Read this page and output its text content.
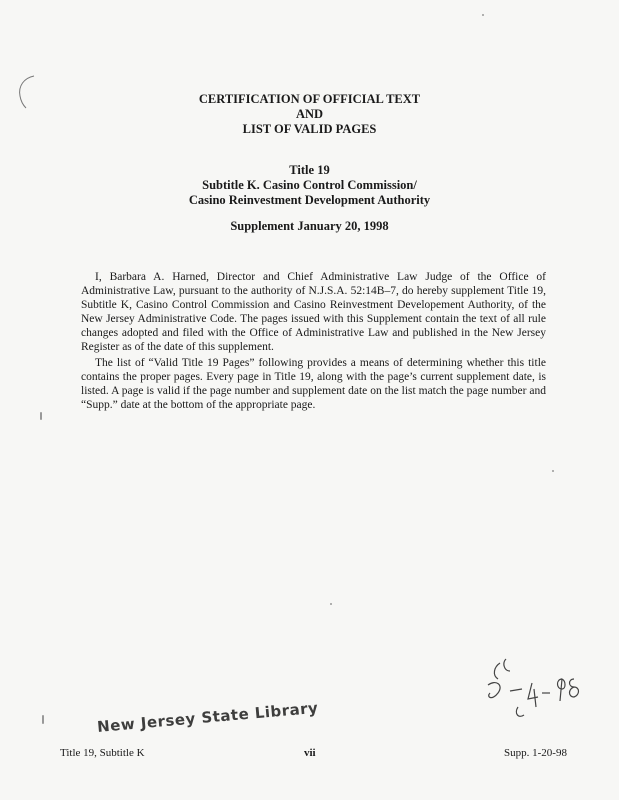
CERTIFICATION OF OFFICIAL TEXT
AND
LIST OF VALID PAGES
Title 19
Subtitle K. Casino Control Commission/
Casino Reinvestment Development Authority
Supplement January 20, 1998

I, Barbara A. Harned, Director and Chief Administrative Law Judge of the Office of Administrative Law, pursuant to the authority of N.J.S.A. 52:14B–7, do hereby supplement Title 19, Subtitle K, Casino Control Commission and Casino Reinvestment Developement Authority, of the New Jersey Administrative Code. The pages issued with this Supplement contain the text of all rule changes adopted and filed with the Office of Administrative Law and published in the New Jersey Register as of the date of this supplement.

The list of “Valid Title 19 Pages” following provides a means of determining whether this title contains the proper pages. Every page in Title 19, along with the page’s current supplement date, is listed. A page is valid if the page number and supplement date on the list match the page number and “Supp.” date at the bottom of the appropriate page.

New Jersey State Library
Title 19, Subtitle K	vii	Supp. 1-20-98
